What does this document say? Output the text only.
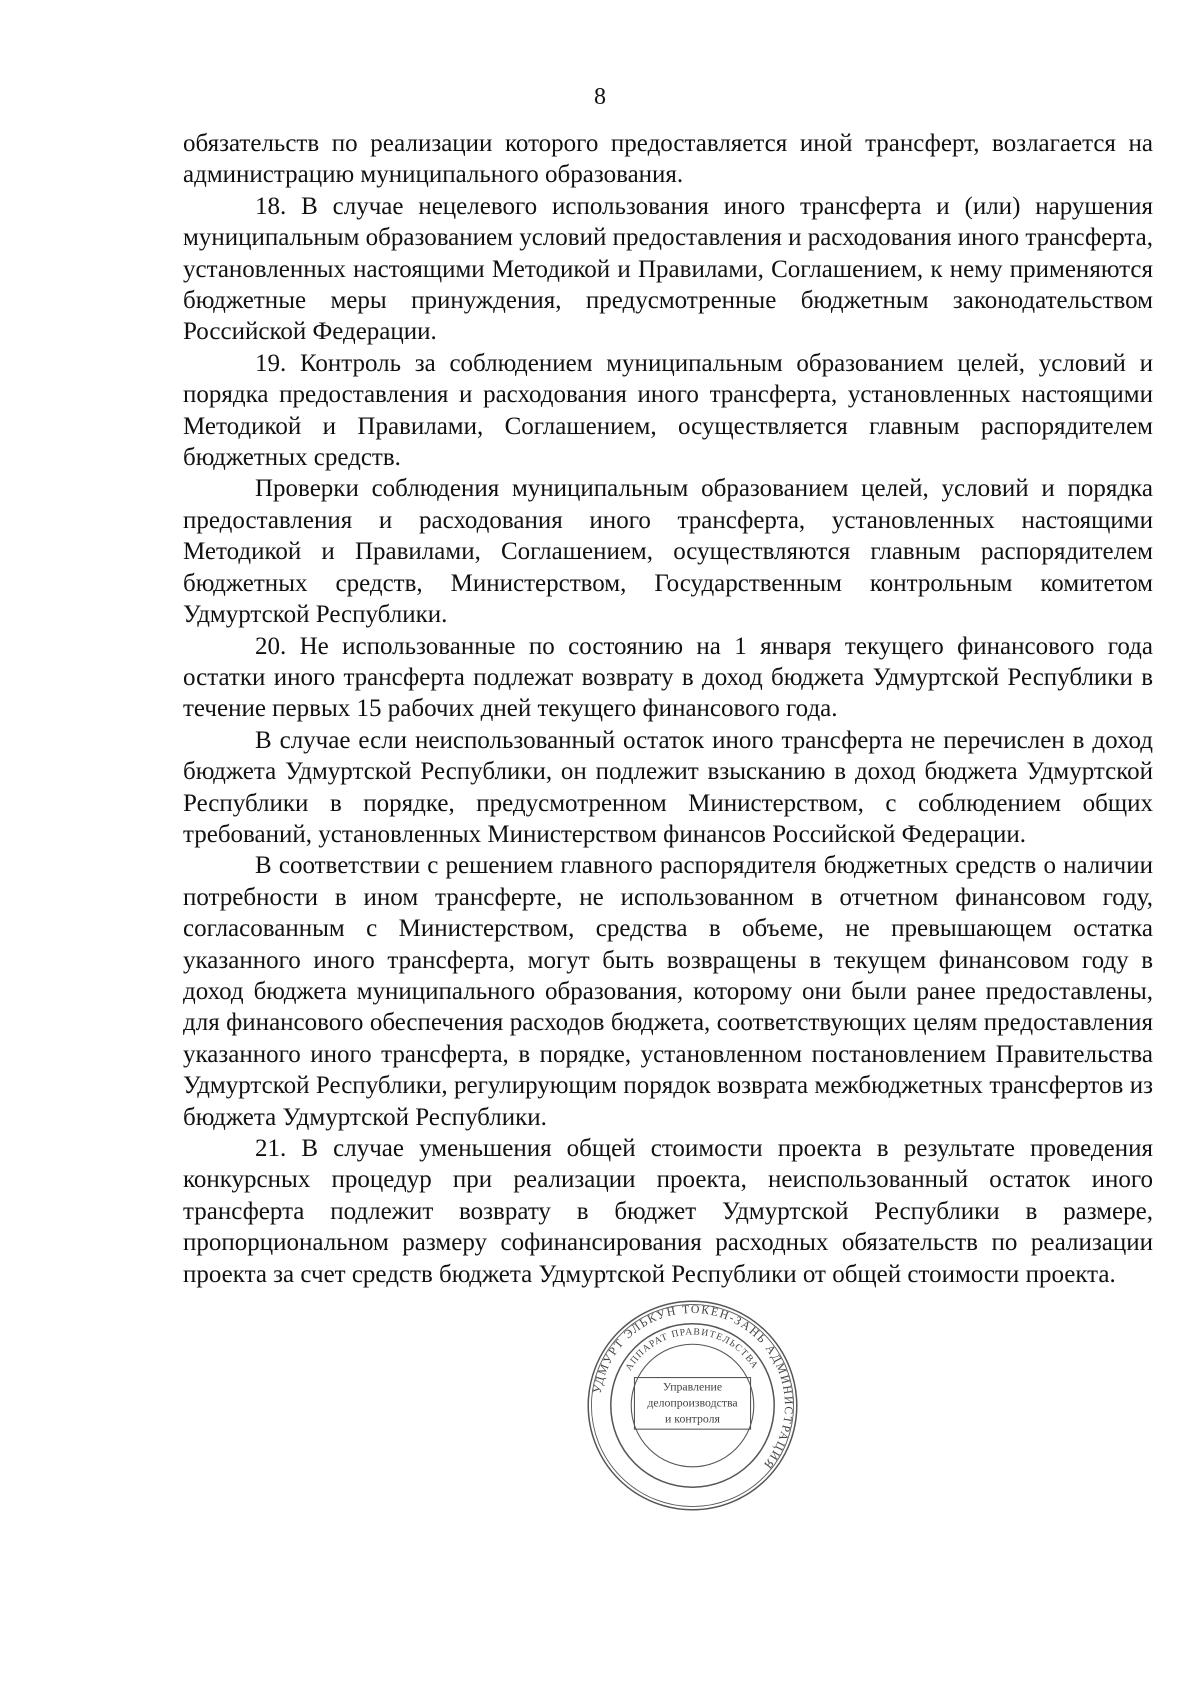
8

обязательств по реализации которого предоставляется иной трансферт, возлагается на администрацию муниципального образования.

18. В случае нецелевого использования иного трансферта и (или) нарушения муниципальным образованием условий предоставления и расходования иного трансферта, установленных настоящими Методикой и Правилами, Соглашением, к нему применяются бюджетные меры принуждения, предусмотренные бюджетным законодательством Российской Федерации.

19. Контроль за соблюдением муниципальным образованием целей, условий и порядка предоставления и расходования иного трансферта, установленных настоящими Методикой и Правилами, Соглашением, осуществляется главным распорядителем бюджетных средств.

Проверки соблюдения муниципальным образованием целей, условий и порядка предоставления и расходования иного трансферта, установленных настоящими Методикой и Правилами, Соглашением, осуществляются главным распорядителем бюджетных средств, Министерством, Государственным контрольным комитетом Удмуртской Республики.

20. Не использованные по состоянию на 1 января текущего финансового года остатки иного трансферта подлежат возврату в доход бюджета Удмуртской Республики в течение первых 15 рабочих дней текущего финансового года.

В случае если неиспользованный остаток иного трансферта не перечислен в доход бюджета Удмуртской Республики, он подлежит взысканию в доход бюджета Удмуртской Республики в порядке, предусмотренном Министерством, с соблюдением общих требований, установленных Министерством финансов Российской Федерации.

В соответствии с решением главного распорядителя бюджетных средств о наличии потребности в ином трансферте, не использованном в отчетном финансовом году, согласованным с Министерством, средства в объеме, не превышающем остатка указанного иного трансферта, могут быть возвращены в текущем финансовом году в доход бюджета муниципального образования, которому они были ранее предоставлены, для финансового обеспечения расходов бюджета, соответствующих целям предоставления указанного иного трансферта, в порядке, установленном постановлением Правительства Удмуртской Республики, регулирующим порядок возврата межбюджетных трансфертов из бюджета Удмуртской Республики.

21. В случае уменьшения общей стоимости проекта в результате проведения конкурсных процедур при реализации проекта, неиспользованный остаток иного трансферта подлежит возврату в бюджет Удмуртской Республики в размере, пропорциональном размеру софинансирования расходных обязательств по реализации проекта за счет средств бюджета Удмуртской Республики от общей стоимости проекта.

УДМУРТ ЭЛЬКУН ТОКЕН-ЗАНЬ АДМИНИСТРАЦИЯ
АППАРАТ ПРАВИТЕЛЬСТВА
Управление
делопроизводства
и контроля
